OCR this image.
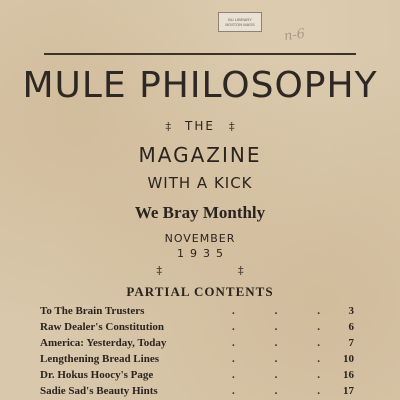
BU LIBRARY
BOSTON MASS
n-6
MULE PHILOSOPHY
‡ THE ‡
MAGAZINE
WITH A KICK
We Bray Monthly
NOVEMBER
1935
‡	‡
PARTIAL CONTENTS
To The Brain Trusters	.	.	.	3
Raw Dealer's Constitution	.	.	.	6
America: Yesterday, Today	.	.	.	7
Lengthening Bread Lines	.	.	. 10
Dr. Hokus Hoocy's Page	.	.	. 16
Sadie Sad's Beauty Hints	.	.	. 17
